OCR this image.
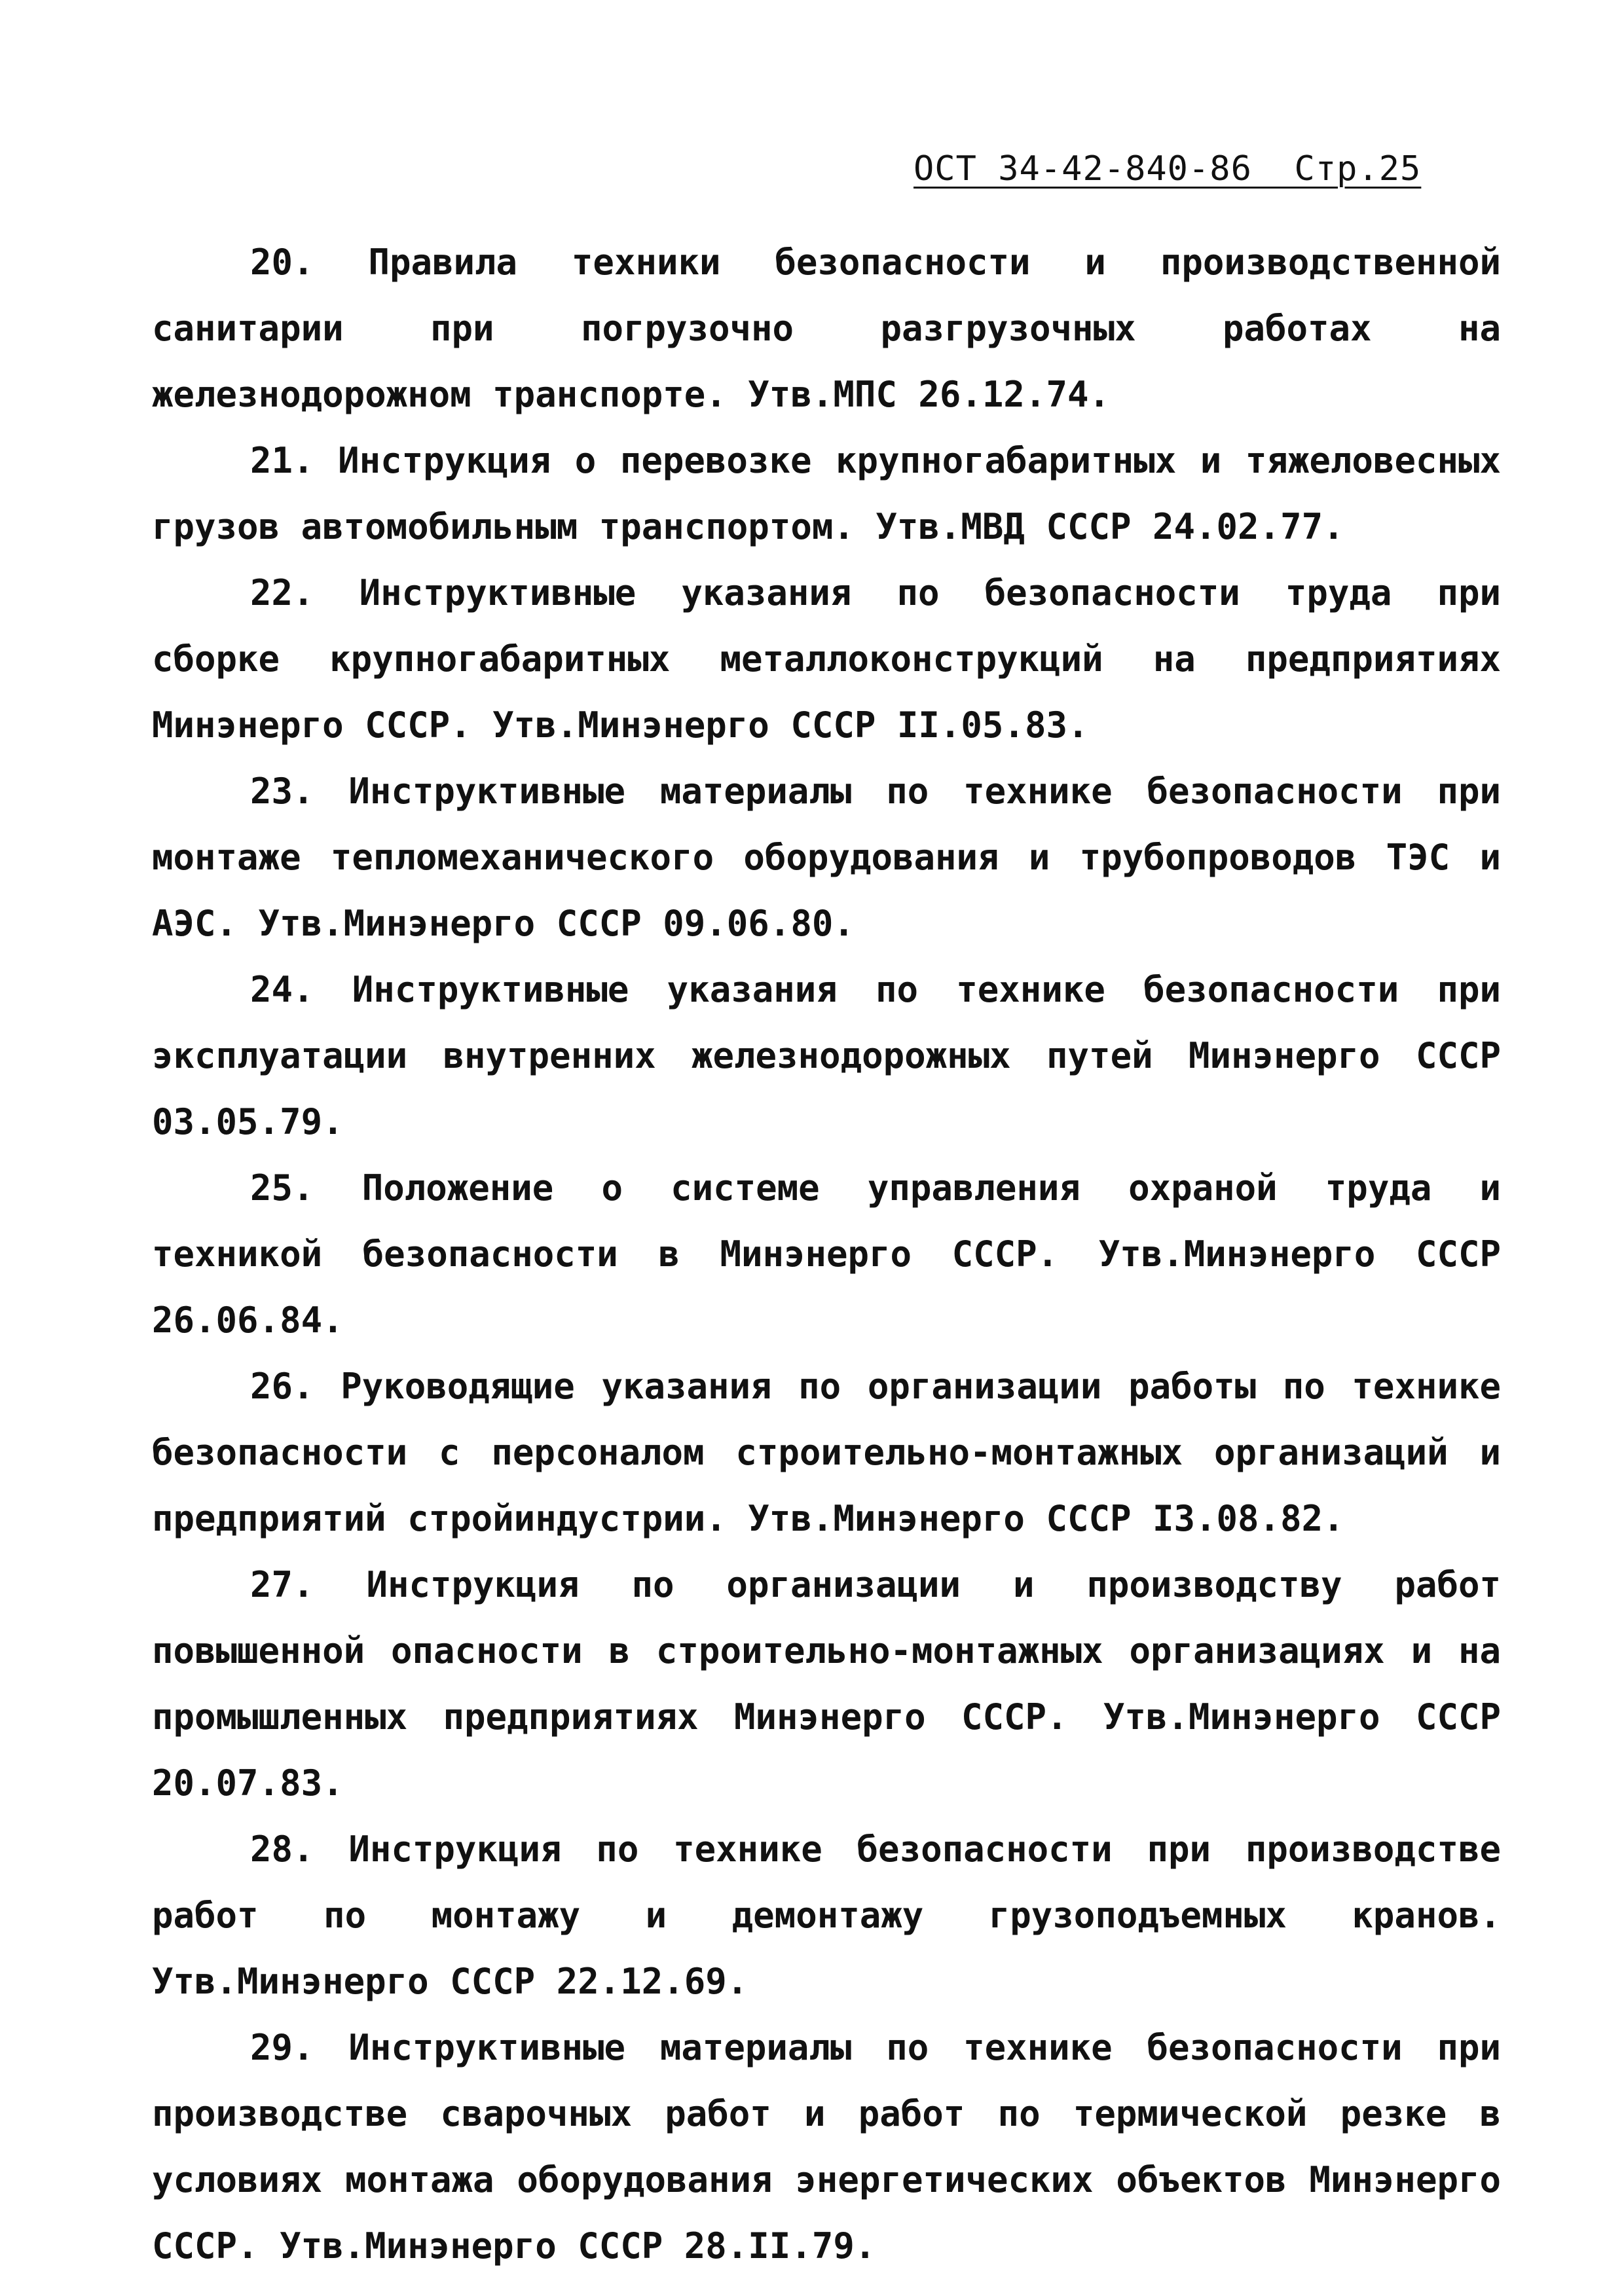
ОСТ 34-42-840-86  Стр.25

20. Правила техники безопасности и производственной санитарии при погрузочно разгрузочных работах на железнодорожном транспорте. Утв.МПС 26.12.74.

21. Инструкция о перевозке крупногабаритных и тяжеловесных грузов автомобильным транспортом. Утв.МВД СССР 24.02.77.

22. Инструктивные указания по безопасности труда при сборке крупногабаритных металлоконструкций на предприятиях Минэнерго СССР. Утв.Минэнерго СССР II.05.83.

23. Инструктивные материалы по технике безопасности при монтаже тепломеханического оборудования и трубопроводов ТЭС и АЭС. Утв.Минэнерго СССР 09.06.80.

24. Инструктивные указания по технике безопасности при эксплуатации внутренних железнодорожных путей Минэнерго СССР 03.05.79.

25. Положение о системе управления охраной труда и техникой безопасности в Минэнерго СССР. Утв.Минэнерго СССР 26.06.84.

26. Руководящие указания по организации работы по технике безопасности с персоналом строительно-монтажных организаций и предприятий стройиндустрии. Утв.Минэнерго СССР I3.08.82.

27. Инструкция по организации и производству работ повышенной опасности в строительно-монтажных организациях и на промышленных предприятиях Минэнерго СССР. Утв.Минэнерго СССР 20.07.83.

28. Инструкция по технике безопасности при производстве работ по монтажу и демонтажу грузоподъемных кранов. Утв.Минэнерго СССР 22.12.69.

29. Инструктивные материалы по технике безопасности при производстве сварочных работ и работ по термической резке в условиях монтажа оборудования энергетических объектов Минэнерго СССР. Утв.Минэнерго СССР 28.II.79.
